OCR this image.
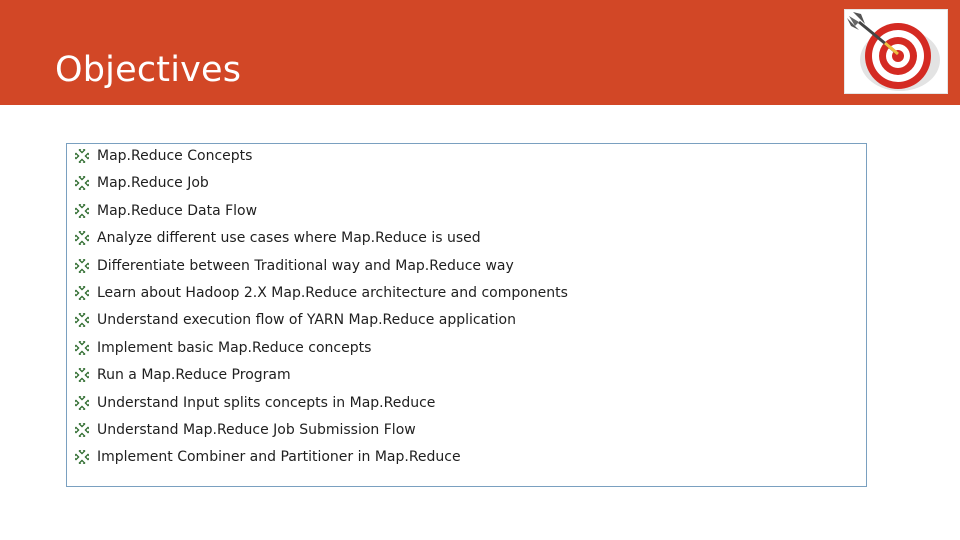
Objectives
Map.Reduce Concepts
Map.Reduce Job
Map.Reduce Data Flow
Analyze different use cases where Map.Reduce is used
Differentiate between Traditional way and Map.Reduce way
Learn about Hadoop 2.X Map.Reduce architecture and components
Understand execution flow of YARN Map.Reduce application
Implement basic Map.Reduce concepts
Run a Map.Reduce Program
Understand Input splits concepts in Map.Reduce
Understand Map.Reduce Job Submission Flow
Implement Combiner and Partitioner in Map.Reduce
